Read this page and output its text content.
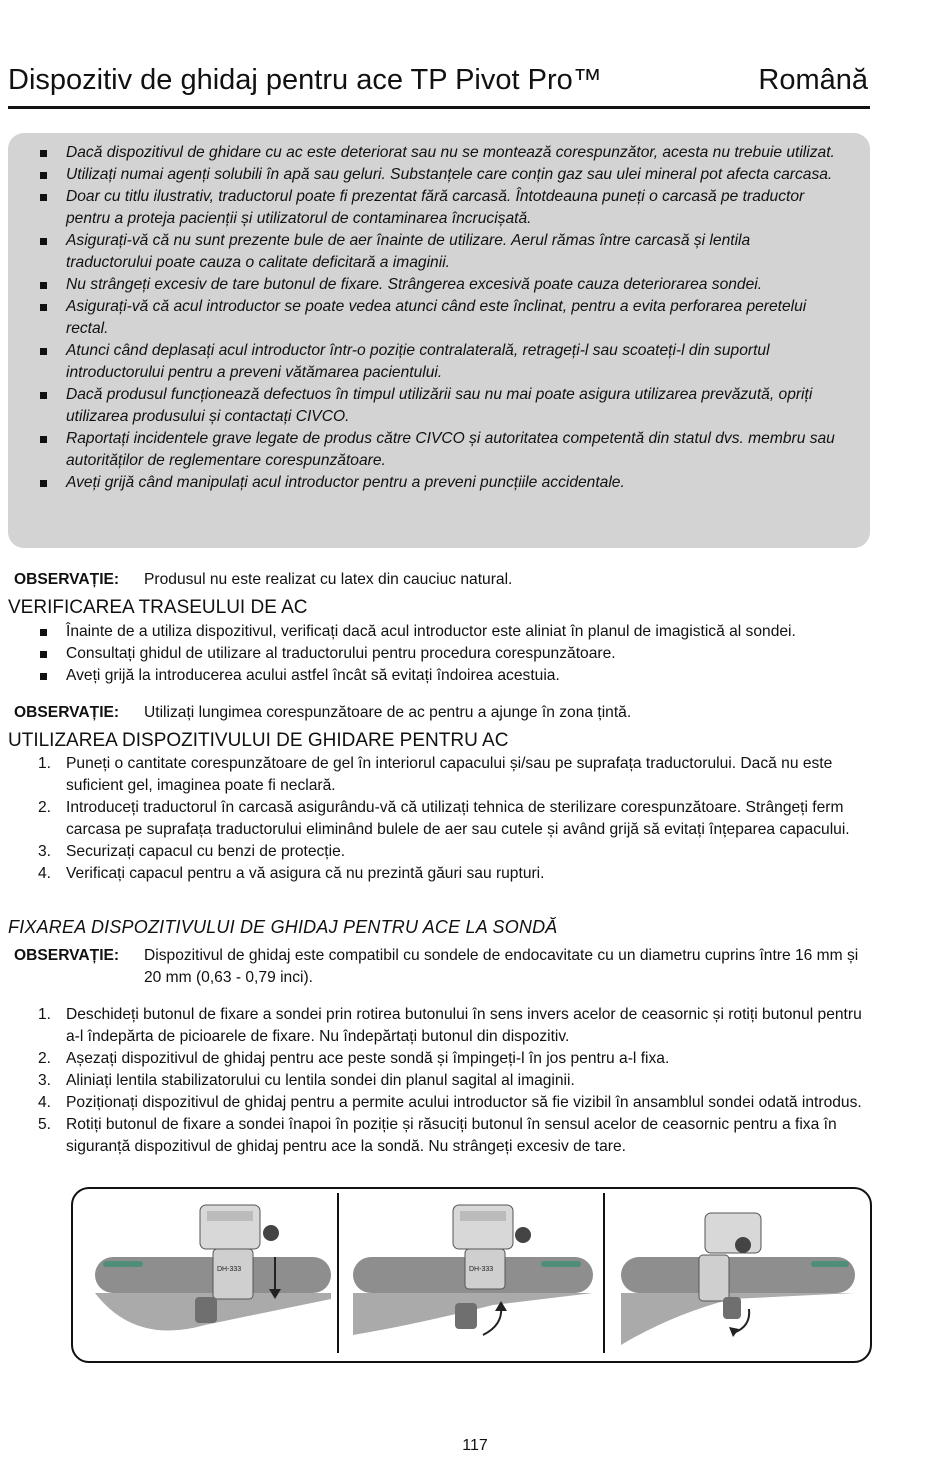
Dispozitiv de ghidaj pentru ace TP Pivot Pro™	Română
Dacă dispozitivul de ghidare cu ac este deteriorat sau nu se montează corespunzător, acesta nu trebuie utilizat.
Utilizați numai agenți solubili în apă sau geluri. Substanțele care conțin gaz sau ulei mineral pot afecta carcasa.
Doar cu titlu ilustrativ, traductorul poate fi prezentat fără carcasă. Întotdeauna puneți o carcasă pe traductor pentru a proteja pacienții și utilizatorul de contaminarea încrucișată.
Asigurați-vă că nu sunt prezente bule de aer înainte de utilizare. Aerul rămas între carcasă și lentila traductorului poate cauza o calitate deficitară a imaginii.
Nu strângeți excesiv de tare butonul de fixare. Strângerea excesivă poate cauza deteriorarea sondei.
Asigurați-vă că acul introductor se poate vedea atunci când este înclinat, pentru a evita perforarea peretelui rectal.
Atunci când deplasați acul introductor într-o poziție contralaterală, retrageți-l sau scoateți-l din suportul introductorului pentru a preveni vătămarea pacientului.
Dacă produsul funcționează defectuos în timpul utilizării sau nu mai poate asigura utilizarea prevăzută, opriți utilizarea produsului și contactați CIVCO.
Raportați incidentele grave legate de produs către CIVCO și autoritatea competentă din statul dvs. membru sau autorităților de reglementare corespunzătoare.
Aveți grijă când manipulați acul introductor pentru a preveni puncțiile accidentale.
OBSERVAȚIE: Produsul nu este realizat cu latex din cauciuc natural.
VERIFICAREA TRASEULUI DE AC
Înainte de a utiliza dispozitivul, verificați dacă acul introductor este aliniat în planul de imagistică al sondei.
Consultați ghidul de utilizare al traductorului pentru procedura corespunzătoare.
Aveți grijă la introducerea acului astfel încât să evitați îndoirea acestuia.
OBSERVAȚIE: Utilizați lungimea corespunzătoare de ac pentru a ajunge în zona țintă.
UTILIZAREA DISPOZITIVULUI DE GHIDARE PENTRU AC
1. Puneți o cantitate corespunzătoare de gel în interiorul capacului și/sau pe suprafața traductorului. Dacă nu este suficient gel, imaginea poate fi neclară.
2. Introduceți traductorul în carcasă asigurându-vă că utilizați tehnica de sterilizare corespunzătoare. Strângeți ferm carcasa pe suprafața traductorului eliminând bulele de aer sau cutele și având grijă să evitați înțeparea capacului.
3. Securizați capacul cu benzi de protecție.
4. Verificați capacul pentru a vă asigura că nu prezintă găuri sau rupturi.
FIXAREA DISPOZITIVULUI DE GHIDAJ PENTRU ACE LA SONDĂ
OBSERVAȚIE: Dispozitivul de ghidaj este compatibil cu sondele de endocavitate cu un diametru cuprins între 16 mm și 20 mm (0,63 - 0,79 inci).
1. Deschideți butonul de fixare a sondei prin rotirea butonului în sens invers acelor de ceasornic și rotiți butonul pentru a-l îndepărta de picioarele de fixare. Nu îndepărtați butonul din dispozitiv.
2. Așezați dispozitivul de ghidaj pentru ace peste sondă și împingeți-l în jos pentru a-l fixa.
3. Aliniați lentila stabilizatorului cu lentila sondei din planul sagital al imaginii.
4. Poziționați dispozitivul de ghidaj pentru a permite acului introductor să fie vizibil în ansamblul sondei odată introdus.
5. Rotiți butonul de fixare a sondei înapoi în poziție și răsuciți butonul în sensul acelor de ceasornic pentru a fixa în siguranță dispozitivul de ghidaj pentru ace la sondă. Nu strângeți excesiv de tare.
DH-333	DH-333
117
